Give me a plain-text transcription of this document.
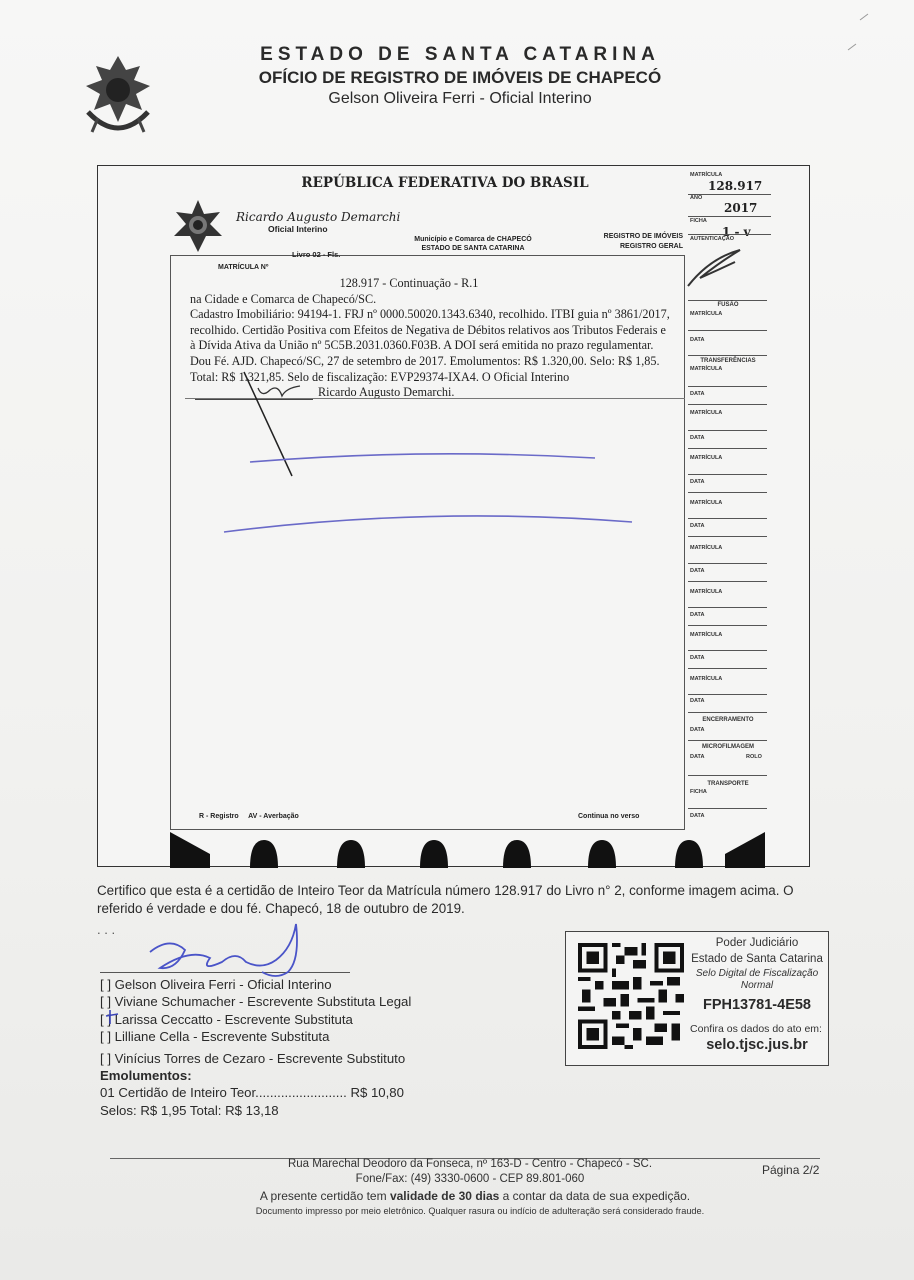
ESTADO DE SANTA CATARINA
OFÍCIO DE REGISTRO DE IMÓVEIS DE CHAPECÓ
Gelson Oliveira Ferri - Oficial Interino
REPÚBLICA FEDERATIVA DO BRASIL
Ricardo Augusto Demarchi
Oficial Interino
Livro 02 - Fls.
Município e Comarca de CHAPECÓ
ESTADO DE SANTA CATARINA
REGISTRO DE IMÓVEIS
REGISTRO GERAL
MATRÍCULA Nº
128.917 - Continuação - R.1
na Cidade e Comarca de Chapecó/SC.
Cadastro Imobiliário: 94194-1. FRJ nº 0000.50020.1343.6340, recolhido. ITBI guia nº 3861/2017,
recolhido. Certidão Positiva com Efeitos de Negativa de Débitos relativos aos Tributos Federais e
à Dívida Ativa da União nº 5C5B.2031.0360.F03B. A DOI será emitida no prazo regulamentar.
Dou Fé. AJD. Chapecó/SC, 27 de setembro de 2017. Emolumentos: R$ 1.320,00. Selo: R$ 1,85.
Total: R$ 1.321,85. Selo de fiscalização: EVP29374-IXA4. O Oficial Interino
Ricardo Augusto Demarchi.
R - Registro     AV - Averbação	Continua no verso
MATRÍCULA
128.917
ANO
2017
FICHA
1 - v
AUTENTICAÇÃO
FUSÃO
MATRÍCULA
DATA
TRANSFERÊNCIAS
MATRÍCULA
DATA
MATRÍCULA
DATA
MATRÍCULA
DATA
MATRÍCULA
DATA
MATRÍCULA
DATA
MATRÍCULA
DATA
MATRÍCULA
DATA
MATRÍCULA
DATA
ENCERRAMENTO
DATA
MICROFILMAGEM
DATA	ROLO
TRANSPORTE
FICHA
DATA
Certifico que esta é a certidão de Inteiro Teor da Matrícula número 128.917 do Livro n° 2, conforme imagem acima. O referido é verdade e dou fé. Chapecó, 18 de outubro de 2019.
. . .
[ ] Gelson Oliveira Ferri - Oficial Interino
[ ] Viviane Schumacher - Escrevente Substituta Legal
[ ] Larissa Ceccatto - Escrevente Substituta
[ ] Lilliane Cella - Escrevente Substituta
[ ] Vinícius Torres de Cezaro - Escrevente Substituto
Emolumentos:
01 Certidão de Inteiro Teor......................... R$ 10,80
Selos: R$ 1,95 Total: R$ 13,18
Poder Judiciário
Estado de Santa Catarina
Selo Digital de Fiscalização
Normal
FPH13781-4E58
Confira os dados do ato em:
selo.tjsc.jus.br
Rua Marechal Deodoro da Fonseca, nº 163-D - Centro - Chapecó - SC.
Fone/Fax: (49) 3330-0600 - CEP 89.801-060
Página 2/2
A presente certidão tem validade de 30 dias a contar da data de sua expedição.
Documento impresso por meio eletrônico. Qualquer rasura ou indício de adulteração será considerado fraude.
